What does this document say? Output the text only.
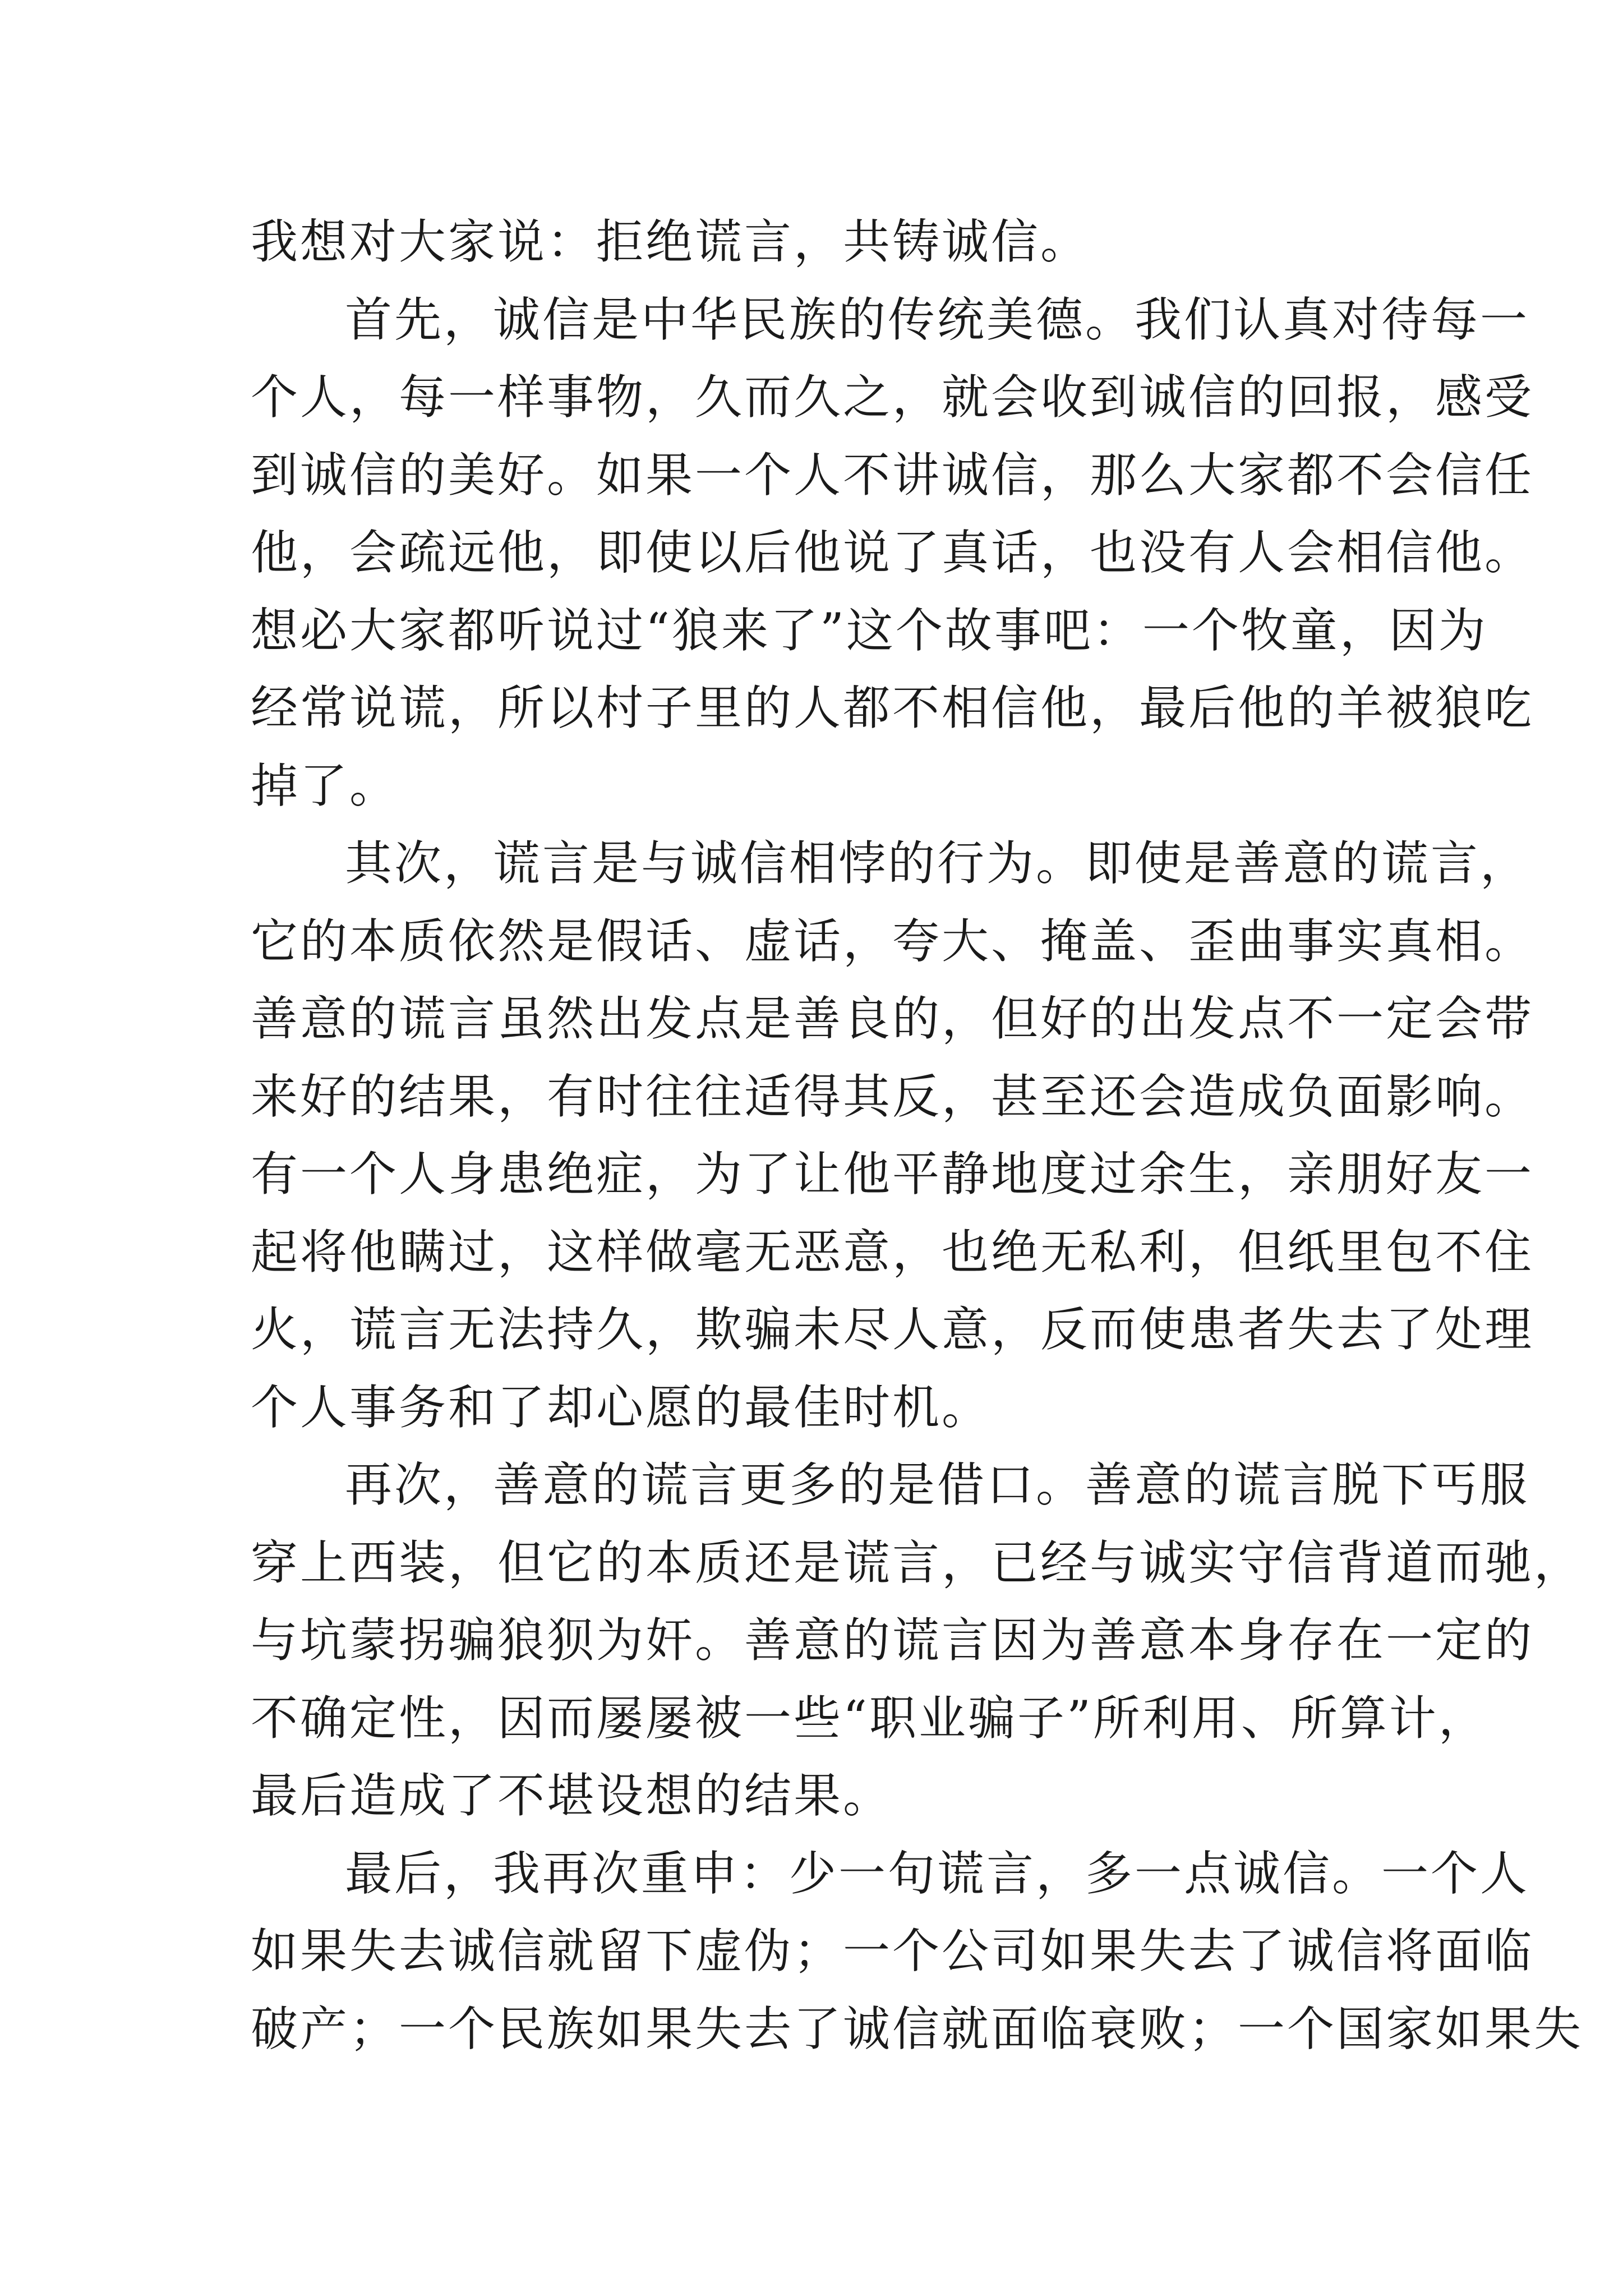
我想对大家说：拒绝谎言，共铸诚信。
首先，诚信是中华民族的传统美德。我们认真对待每一
个人，每一样事物，久而久之，就会收到诚信的回报，感受
到诚信的美好。如果一个人不讲诚信，那么大家都不会信任
他，会疏远他，即使以后他说了真话，也没有人会相信他。
想必大家都听说过“狼来了”这个故事吧：一个牧童，因为
经常说谎，所以村子里的人都不相信他，最后他的羊被狼吃
掉了。
其次，谎言是与诚信相悖的行为。即使是善意的谎言，
它的本质依然是假话、虚话，夸大、掩盖、歪曲事实真相。
善意的谎言虽然出发点是善良的，但好的出发点不一定会带
来好的结果，有时往往适得其反，甚至还会造成负面影响。
有一个人身患绝症，为了让他平静地度过余生，亲朋好友一
起将他瞒过，这样做毫无恶意，也绝无私利，但纸里包不住
火，谎言无法持久，欺骗未尽人意，反而使患者失去了处理
个人事务和了却心愿的最佳时机。
再次，善意的谎言更多的是借口。善意的谎言脱下丐服
穿上西装，但它的本质还是谎言，已经与诚实守信背道而驰，
与坑蒙拐骗狼狈为奸。善意的谎言因为善意本身存在一定的
不确定性，因而屡屡被一些“职业骗子”所利用、所算计，
最后造成了不堪设想的结果。
最后，我再次重申：少一句谎言，多一点诚信。一个人
如果失去诚信就留下虚伪；一个公司如果失去了诚信将面临
破产；一个民族如果失去了诚信就面临衰败；一个国家如果失
